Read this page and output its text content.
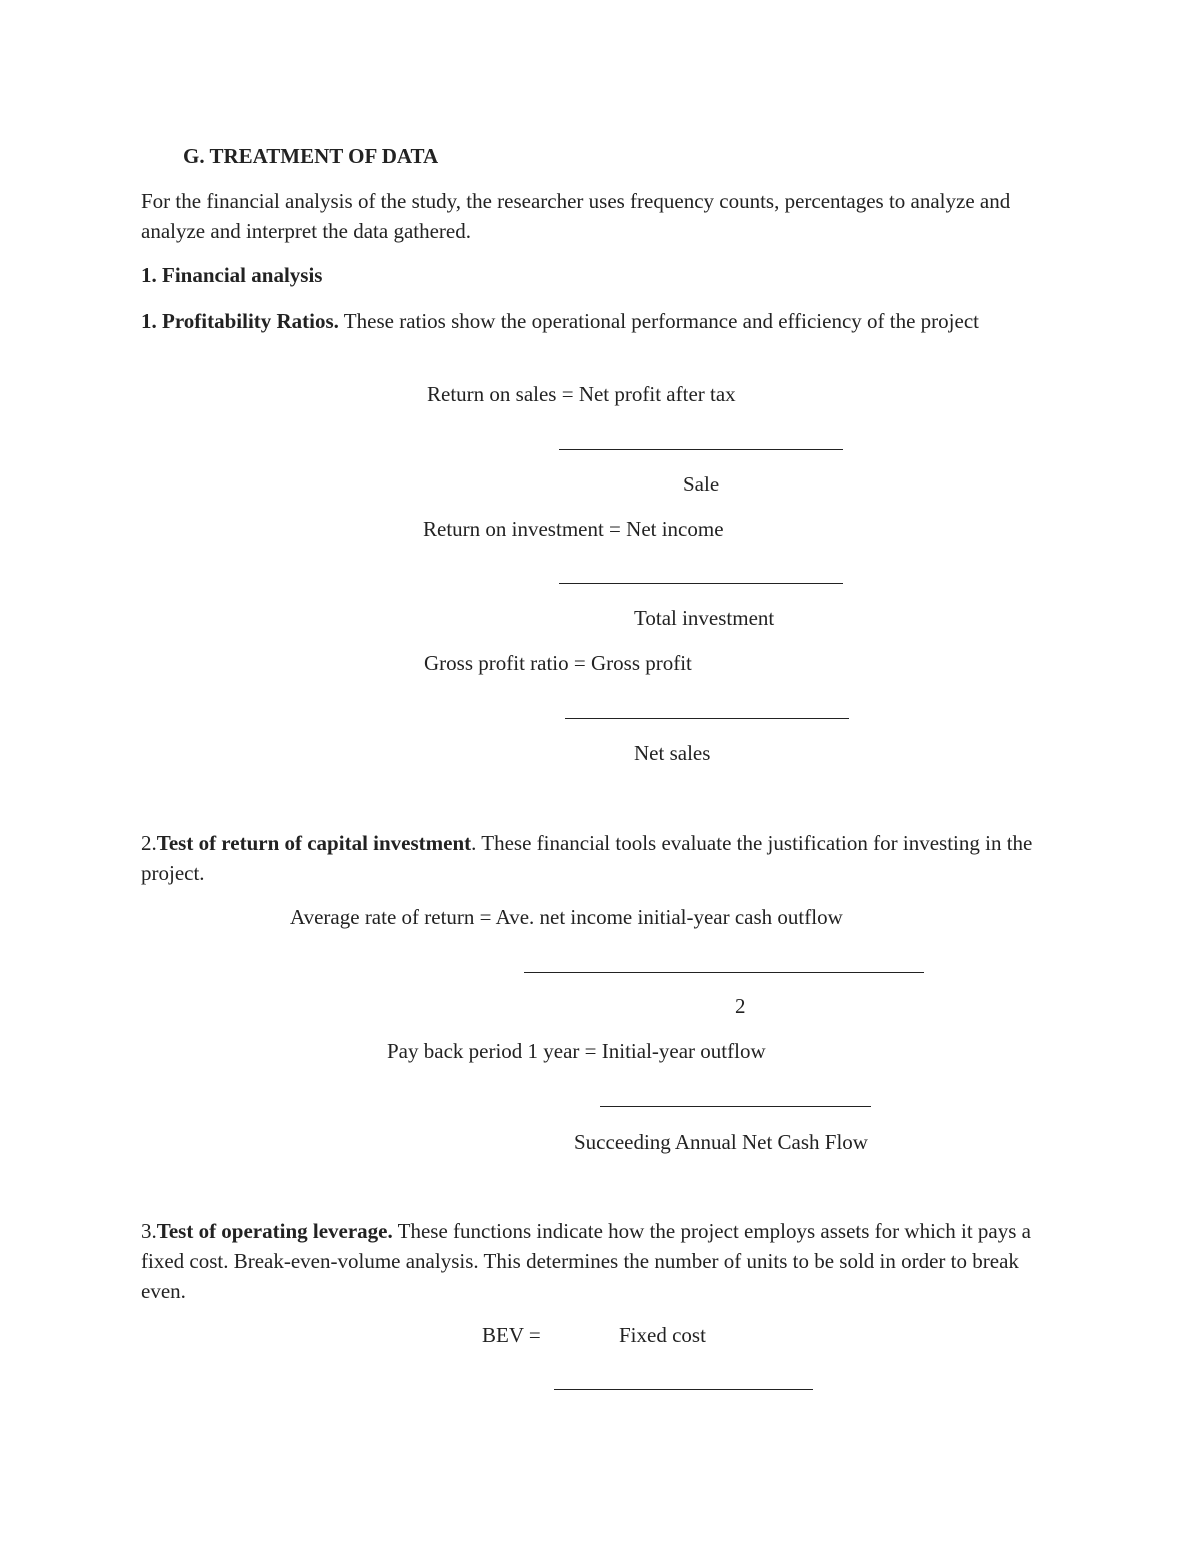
G. TREATMENT OF DATA
For the financial analysis of the study, the researcher uses frequency counts, percentages to analyze and analyze and interpret the data gathered.
1. Financial analysis
1. Profitability Ratios. These ratios show the operational performance and efficiency of the project
Return on sales = Net profit after tax
Sale
Return on investment = Net income
Total investment
Gross profit ratio = Gross profit
Net sales
2.Test of return of capital investment. These financial tools evaluate the justification for investing in the project.
Average rate of return = Ave. net income initial-year cash outflow
2
Pay back period 1 year = Initial-year outflow
Succeeding Annual Net Cash Flow
3.Test of operating leverage. These functions indicate how the project employs assets for which it pays a fixed cost. Break-even-volume analysis. This determines the number of units to be sold in order to break even.
BEV =	Fixed cost
